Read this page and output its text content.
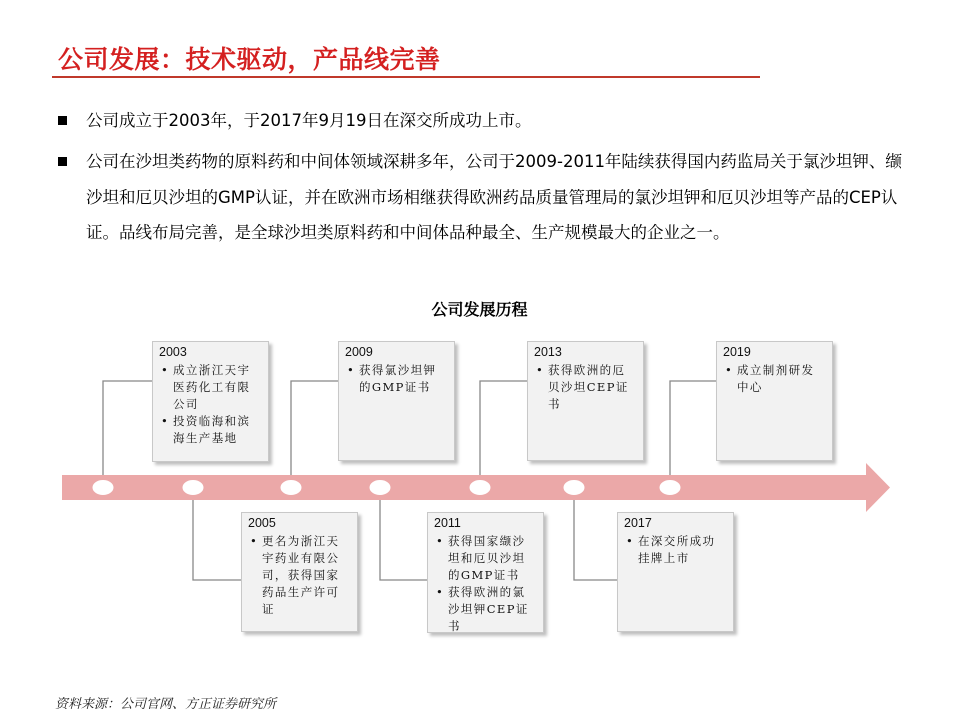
公司发展：技术驱动，产品线完善
公司成立于2003年，于2017年9月19日在深交所成功上市。
公司在沙坦类药物的原料药和中间体领域深耕多年，公司于2009-2011年陆续获得国内药监局关于氯沙坦钾、缬沙坦和厄贝沙坦的GMP认证，并在欧洲市场相继获得欧洲药品质量管理局的氯沙坦钾和厄贝沙坦等产品的CEP认证。品线布局完善，是全球沙坦类原料药和中间体品种最全、生产规模最大的企业之一。
公司发展历程
2003
• 成立浙江天宇医药化工有限公司
• 投资临海和滨海生产基地
2005
• 更名为浙江天宇药业有限公司，获得国家药品生产许可证
2009
• 获得氯沙坦钾的GMP证书
2011
• 获得国家缬沙坦和厄贝沙坦的GMP证书
• 获得欧洲的氯沙坦钾CEP证书
2013
• 获得欧洲的厄贝沙坦CEP证书
2017
• 在深交所成功挂牌上市
2019
• 成立制剂研发中心
资料来源：公司官网、方正证券研究所
